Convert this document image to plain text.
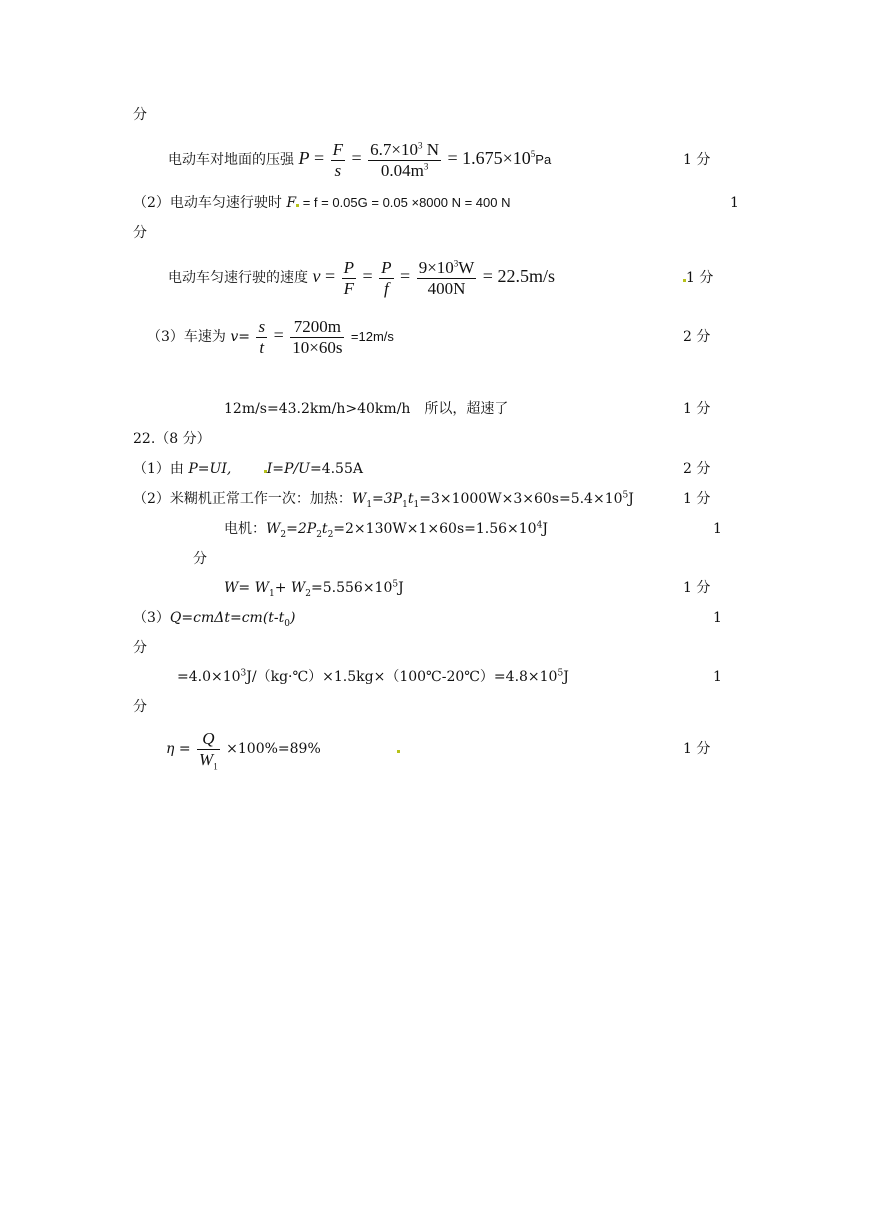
分
电动车对地面的压强 $P = \frac{F}{s} = \frac{6.7\times 10^3 N}{0.04m^3} = 1.675\times 10^5Pa$	1 分
（2）电动车匀速行驶时 F = f = 0.05G = 0.05 ×8000 N = 400 N	1
分
电动车匀速行驶的速度 $v = \frac{P}{F} = \frac{P}{f} = \frac{9\times 10^3W}{400N} = 22.5m/s$	1 分
（3）车速为 $v= \frac{s}{t} = \frac{7200m}{10\times 60s} =12m/s$	2 分
12m/s=43.2km/h>40km/h　所以，超速了	1 分
22.（8 分）
（1）由 P=UI,	I=P/U=4.55A	2 分
（2）米糊机正常工作一次：加热：$W_1=3P_1t_1=3\times 1000W\times 3\times 60s=5.4\times 10^5J$	1 分
电机：$W_2=2P_2t_2=2\times 130W\times 1\times 60s=1.56\times 10^4J$	1
分
$W= W_1+ W_2=5.556\times 10^5J$	1 分
$(3)Q=cm\Delta t=cm(t-t_0)$	1
分
$=4.0\times 10^3J/(kg\cdot℃)\times 1.5kg\times(100℃-20℃)=4.8\times 10^5J$	1
分
$\eta = \frac{Q}{W_1} \times 100\%=89\%$	1 分
